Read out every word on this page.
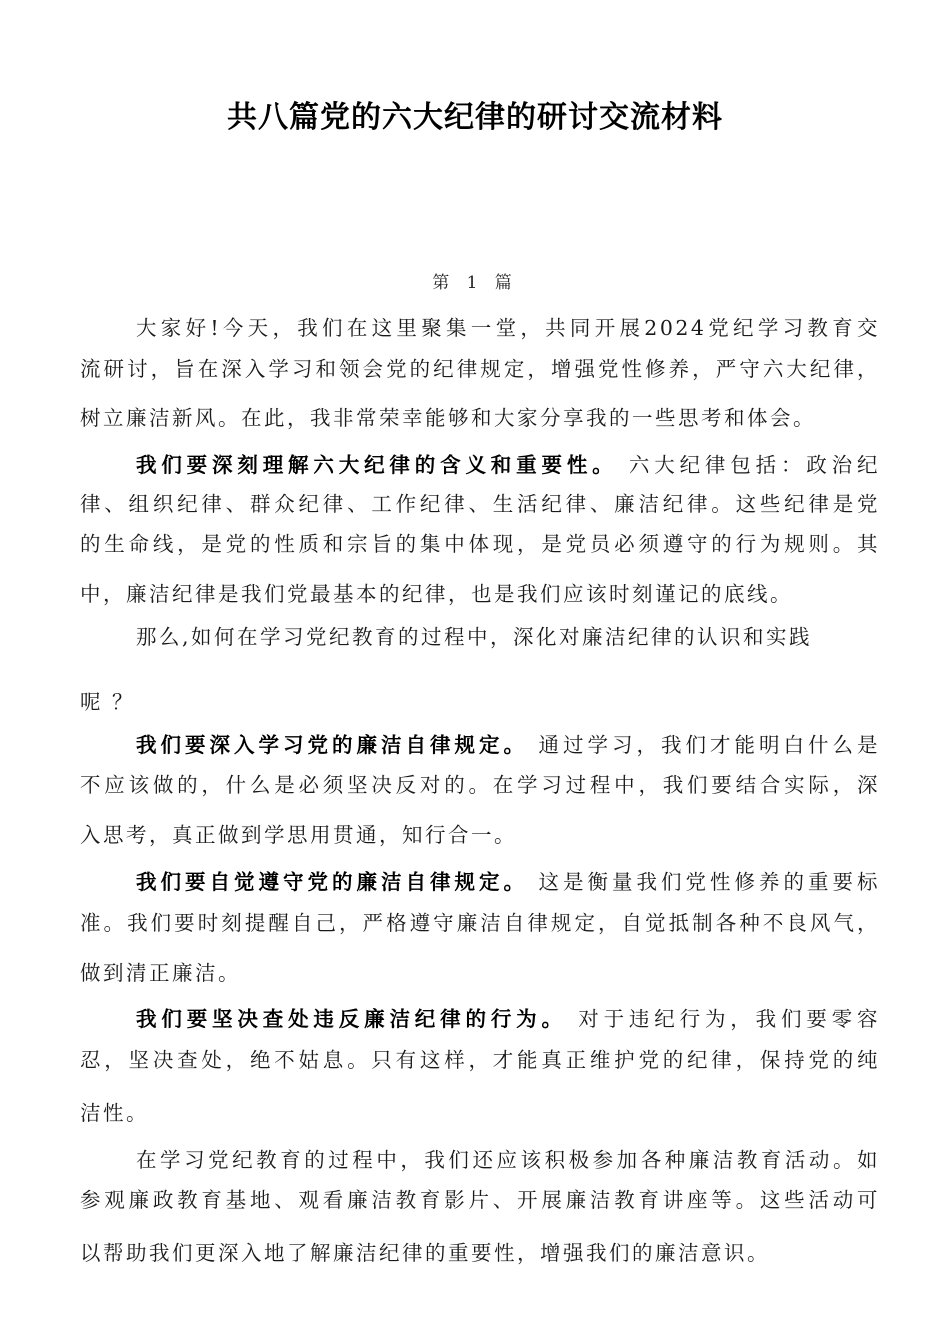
共八篇党的六大纪律的研讨交流材料
第 1 篇
大家好!今天，我们在这里聚集一堂，共同开展2024党纪学习教育交
流研讨，旨在深入学习和领会党的纪律规定，增强党性修养，严守六大纪律，
树立廉洁新风。在此，我非常荣幸能够和大家分享我的一些思考和体会。
我们要深刻理解六大纪律的含义和重要性。 六大纪律包括：政治纪
律、组织纪律、群众纪律、工作纪律、生活纪律、廉洁纪律。这些纪律是党
的生命线，是党的性质和宗旨的集中体现，是党员必须遵守的行为规则。其
中，廉洁纪律是我们党最基本的纪律，也是我们应该时刻谨记的底线。
那么,如何在学习党纪教育的过程中，深化对廉洁纪律的认识和实践
呢 ？
我们要深入学习党的廉洁自律规定。 通过学习，我们才能明白什么是
不应该做的，什么是必须坚决反对的。在学习过程中，我们要结合实际，深
入思考，真正做到学思用贯通，知行合一。
我们要自觉遵守党的廉洁自律规定。 这是衡量我们党性修养的重要标
准。我们要时刻提醒自己，严格遵守廉洁自律规定，自觉抵制各种不良风气，
做到清正廉洁。
我们要坚决查处违反廉洁纪律的行为。 对于违纪行为，我们要零容
忍，坚决查处，绝不姑息。只有这样，才能真正维护党的纪律，保持党的纯
洁性。
在学习党纪教育的过程中，我们还应该积极参加各种廉洁教育活动。如
参观廉政教育基地、观看廉洁教育影片、开展廉洁教育讲座等。这些活动可
以帮助我们更深入地了解廉洁纪律的重要性，增强我们的廉洁意识。
